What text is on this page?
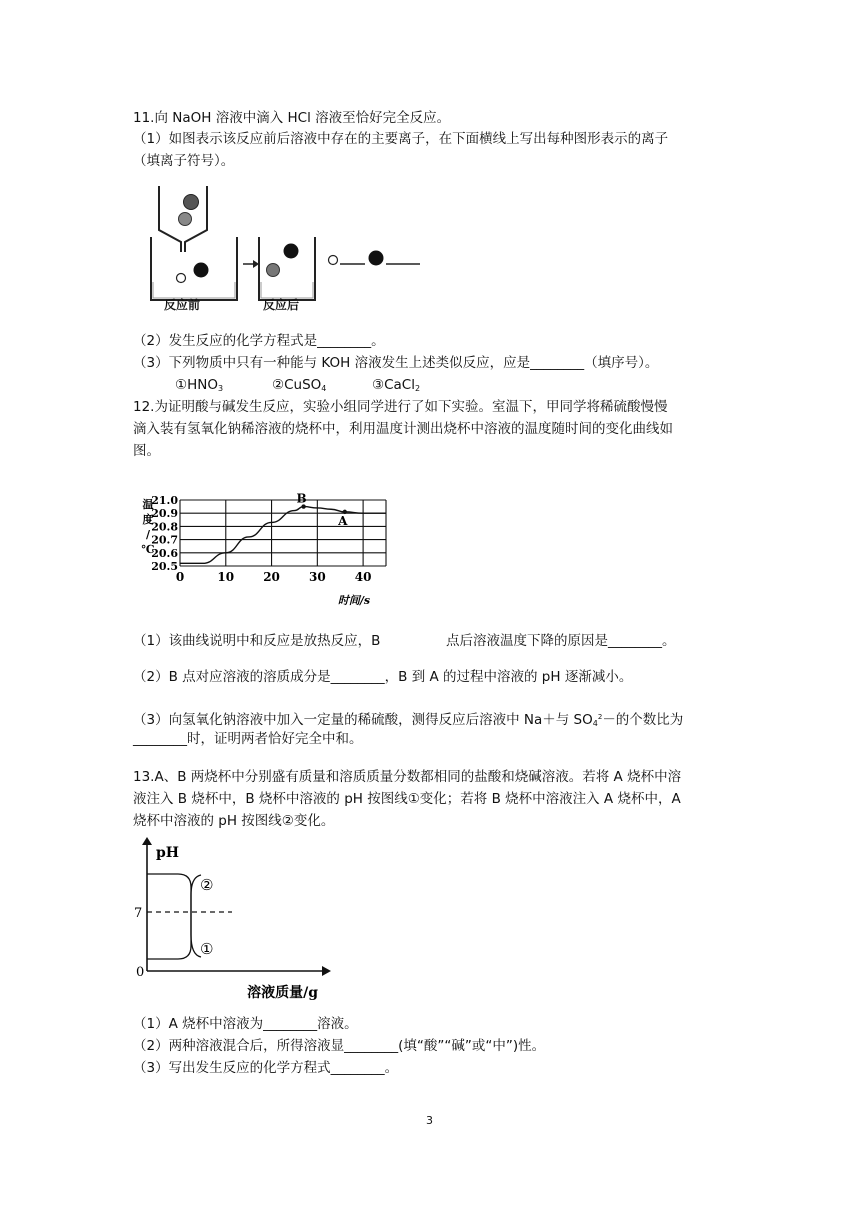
11.向 NaOH 溶液中滴入 HCl 溶液至恰好完全反应。
（1）如图表示该反应前后溶液中存在的主要离子，在下面横线上写出每种图形表示的离子
（填离子符号）。
反应前	反应后
（2）发生反应的化学方程式是________。
（3）下列物质中只有一种能与 KOH 溶液发生上述类似反应，应是________（填序号）。
$①HNO_3$	②CuSO$_4$	③CaCl$_2$
12.为证明酸与碱发生反应，实验小组同学进行了如下实验。室温下，甲同学将稀硫酸慢慢
滴入装有氢氧化钠稀溶液的烧杯中，利用温度计测出烧杯中溶液的温度随时间的变化曲线如
图。
温
度
/
℃
21.0
20.9
20.8
20.7
20.6
20.5
0	10 20 30 40
B
A
时间/s
（1）该曲线说明中和反应是放热反应，B	点后溶液温度下降的原因是________。
（2）B 点对应溶液的溶质成分是________，B 到 A 的过程中溶液的 pH 逐渐减小。
（3）向氢氧化钠溶液中加入一定量的稀硫酸，测得反应后溶液中 Na＋与 $SO_4^2-$的个数比为
________时，证明两者恰好完全中和。
13.A、B 两烧杯中分别盛有质量和溶质质量分数都相同的盐酸和烧碱溶液。若将 A 烧杯中溶
液注入 B 烧杯中，B 烧杯中溶液的 pH 按图线①变化；若将 B 烧杯中溶液注入 A 烧杯中，A
烧杯中溶液的 pH 按图线②变化。
pH
溶液质量/g
7
0
②
①
（1）A 烧杯中溶液为________溶液。
（2）两种溶液混合后，所得溶液显________(填“酸”“碱”或“中”)性。
（3）写出发生反应的化学方程式________。
3
